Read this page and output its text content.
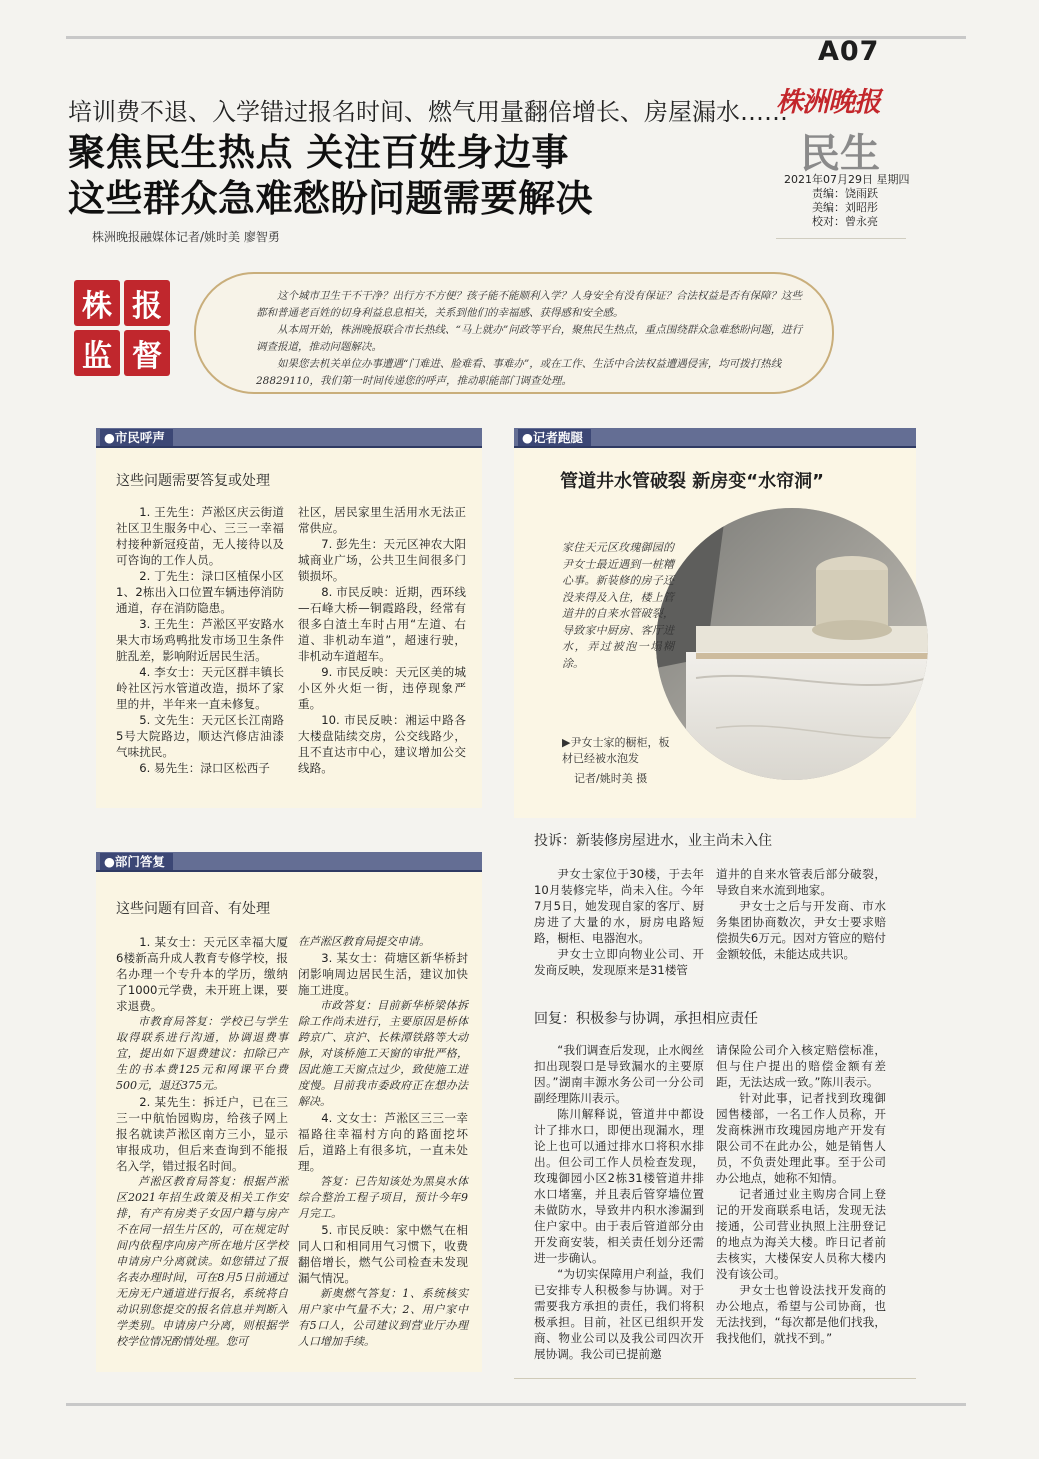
A07
株洲晚报
民生
2021年07月29日 星期四
责编：饶雨跃
美编：刘昭彤
校对：曾永亮
培训费不退、入学错过报名时间、燃气用量翻倍增长、房屋漏水……
聚焦民生热点 关注百姓身边事
这些群众急难愁盼问题需要解决
株洲晚报融媒体记者/姚时美 廖智勇
株 报
监 督

这个城市卫生干不干净？出行方不方便？孩子能不能顺利入学？人身安全有没有保证？合法权益是否有保障？这些都和普通老百姓的切身利益息息相关，关系到他们的幸福感、获得感和安全感。

从本周开始，株洲晚报联合市长热线、“马上就办”问政等平台，聚焦民生热点，重点围绕群众急难愁盼问题，进行调查报道，推动问题解决。

如果您去机关单位办事遭遇“门难进、脸难看、事难办”，或在工作、生活中合法权益遭遇侵害，均可拨打热线28829110，我们第一时间传递您的呼声，推动职能部门调查处理。

●市民呼声
这些问题需要答复或处理

1. 王先生：芦淞区庆云街道社区卫生服务中心、三三一幸福村接种新冠疫苗，无人接待以及可咨询的工作人员。

2. 丁先生：渌口区植保小区1、2栋出入口位置车辆违停消防通道，存在消防隐患。

3. 王先生：芦淞区平安路水果大市场鸡鸭批发市场卫生条件脏乱差，影响附近居民生活。

4. 李女士：天元区群丰镇长岭社区污水管道改造，损坏了家里的井，半年来一直未修复。

5. 文先生：天元区长江南路5号大院路边，顺达汽修店油漆气味扰民。

6. 易先生：渌口区松西子

社区，居民家里生活用水无法正常供应。

7. 彭先生：天元区神农大阳城商业广场，公共卫生间很多门锁损坏。

8. 市民反映：近期，西环线—石峰大桥—铜霞路段，经常有很多白渣土车时占用“左道、右道、非机动车道”，超速行驶，非机动车道超车。

9. 市民反映：天元区美的城小区外火炬一街，违停现象严重。

10. 市民反映：湘运中路各大楼盘陆续交房，公交线路少，且不直达市中心，建议增加公交线路。

●部门答复
这些问题有回音、有处理

1. 某女士：天元区幸福大厦6楼新高升成人教育专修学校，报名办理一个专升本的学历，缴纳了1000元学费，未开班上课，要求退费。

市教育局答复：学校已与学生取得联系进行沟通，协调退费事宜，提出如下退费建议：扣除已产生的书本费125元和网课平台费500元，退还375元。

2. 某先生：拆迁户，已在三三一中航怡园购房，给孩子网上报名就读芦淞区南方三小，显示审报成功，但后来查询到不能报名入学，错过报名时间。

芦淞区教育局答复：根据芦淞区2021年招生政策及相关工作安排，有产有房类子女因户籍与房产不在同一招生片区的，可在规定时间内依程序向房产所在地片区学校申请房户分离就读。如您错过了报名表办理时间，可在8月5日前通过无房无户通道进行报名，系统将自动识别您提交的报名信息并判断入学类别。申请房户分离，则根据学校学位情况酌情处理。您可

在芦淞区教育局提交申请。

3. 某女士：荷塘区新华桥封闭影响周边居民生活，建议加快施工进度。

市政答复：目前新华桥梁体拆除工作尚未进行，主要原因是桥体跨京广、京沪、长株潭铁路等大动脉，对该桥施工天窗的审批严格，因此施工天窗点过少，致使施工进度慢。目前我市委政府正在想办法解决。

4. 文女士：芦淞区三三一幸福路往幸福村方向的路面挖坏后，道路上有很多坑，一直未处理。

答复：已告知该处为黑臭水体综合整治工程子项目，预计今年9月完工。

5. 市民反映：家中燃气在相同人口和相同用气习惯下，收费翻倍增长，燃气公司检查未发现漏气情况。

新奥燃气答复：1、系统核实用户家中气量不大；2、用户家中有5口人，公司建议到营业厅办理人口增加手续。

●记者跑腿
管道井水管破裂 新房变“水帘洞”
家住天元区玫瑰御园的尹女士最近遇到一桩糟心事。新装修的房子还没来得及入住，楼上管道井的自来水管破裂，导致家中厨房、客厅进水，弄过被泡一塌糊涂。
▶尹女士家的橱柜，板材已经被水泡发
记者/姚时美 摄
投诉：新装修房屋进水，业主尚未入住

尹女士家位于30楼，于去年10月装修完毕，尚未入住。今年7月5日，她发现自家的客厅、厨房进了大量的水，厨房电路短路，橱柜、电器泡水。

尹女士立即向物业公司、开发商反映，发现原来是31楼管

道井的自来水管表后部分破裂，导致自来水流到地家。

尹女士之后与开发商、市水务集团协商数次，尹女士要求赔偿损失6万元。因对方管应的赔付金额较低，未能达成共识。

回复：积极参与协调，承担相应责任

“我们调查后发现，止水阀丝扣出现裂口是导致漏水的主要原因。”湖南丰源水务公司一分公司副经理陈川表示。

陈川解释说，管道井中都设计了排水口，即便出现漏水，理论上也可以通过排水口将积水排出。但公司工作人员检查发现，玫瑰御园小区2栋31楼管道井排水口堵塞，并且表后管穿墙位置未做防水，导致井内积水渗漏到住户家中。由于表后管道部分由开发商安装，相关责任划分还需进一步确认。

“为切实保障用户利益，我们已安排专人积极参与协调。对于需要我方承担的责任，我们将积极承担。目前，社区已组织开发商、物业公司以及我公司四次开展协调。我公司已提前邀

请保险公司介入核定赔偿标准，但与住户提出的赔偿金额有差距，无法达成一致。”陈川表示。

针对此事，记者找到玫瑰御园售楼部，一名工作人员称，开发商株洲市玫瑰园房地产开发有限公司不在此办公，她是销售人员，不负责处理此事。至于公司办公地点，她称不知情。

记者通过业主购房合同上登记的开发商联系电话，发现无法接通，公司营业执照上注册登记的地点为海关大楼。昨日记者前去核实，大楼保安人员称大楼内没有该公司。

尹女士也曾设法找开发商的办公地点，希望与公司协商，也无法找到，“每次都是他们找我，我找他们，就找不到。”
